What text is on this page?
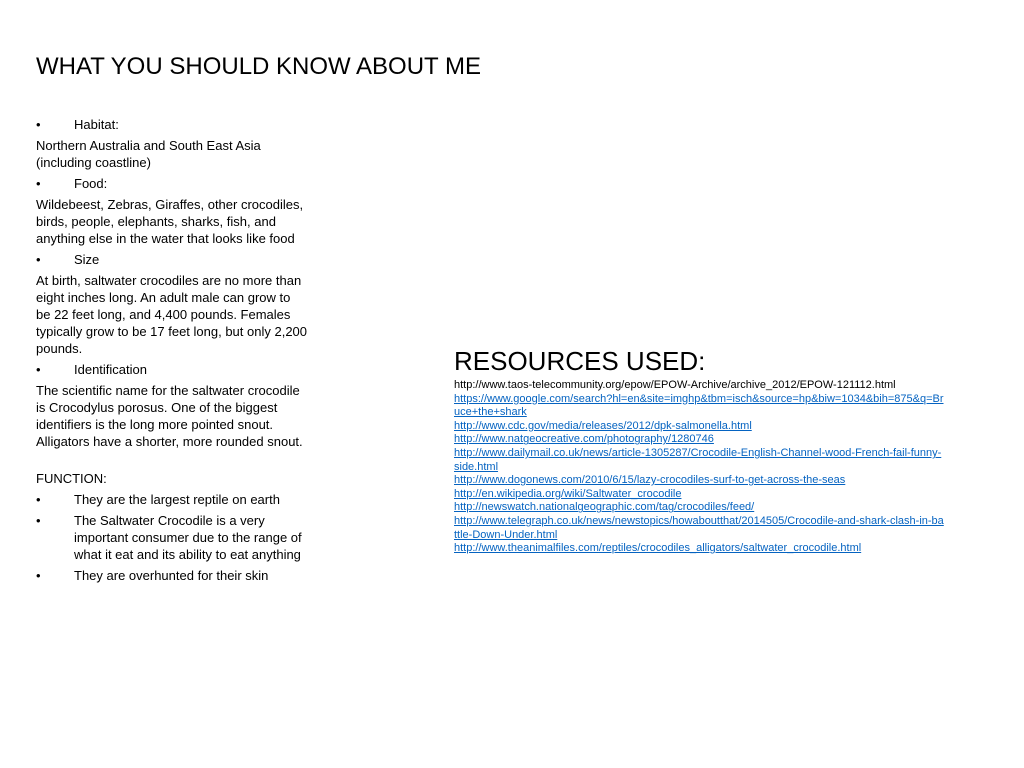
WHAT YOU SHOULD KNOW ABOUT ME
•	Habitat:

Northern Australia and South East Asia (including coastline)

•	Food:

Wildebeest, Zebras, Giraffes, other crocodiles, birds, people, elephants, sharks, fish, and anything else in the water that looks like food

•	Size

At birth, saltwater crocodiles are no more than eight inches long. An adult male can grow to be 22 feet long, and 4,400 pounds. Females typically grow to be 17 feet long, but only 2,200 pounds.

•	Identification

The scientific name for the saltwater crocodile is Crocodylus porosus. One of the biggest identifiers is the long more pointed snout. Alligators have a shorter, more rounded snout.

FUNCTION:

•	They are the largest reptile on earth
•	The Saltwater Crocodile is a very important consumer due to the range of what it eat and its ability to eat anything
•	They are overhunted for their skin
RESOURCES USED:
http://www.taos-telecommunity.org/epow/EPOW-Archive/archive_2012/EPOW-121112.html
https://www.google.com/search?hl=en&site=imghp&tbm=isch&source=hp&biw=1034&bih=875&q=Bruce+the+shark
http://www.cdc.gov/media/releases/2012/dpk-salmonella.html
http://www.natgeocreative.com/photography/1280746
http://www.dailymail.co.uk/news/article-1305287/Crocodile-English-Channel-wood-French-fail-funny-side.html
http://www.dogonews.com/2010/6/15/lazy-crocodiles-surf-to-get-across-the-seas
http://en.wikipedia.org/wiki/Saltwater_crocodile
http://newswatch.nationalgeographic.com/tag/crocodiles/feed/
http://www.telegraph.co.uk/news/newstopics/howaboutthat/2014505/Crocodile-and-shark-clash-in-battle-Down-Under.html
http://www.theanimalfiles.com/reptiles/crocodiles_alligators/saltwater_crocodile.html
